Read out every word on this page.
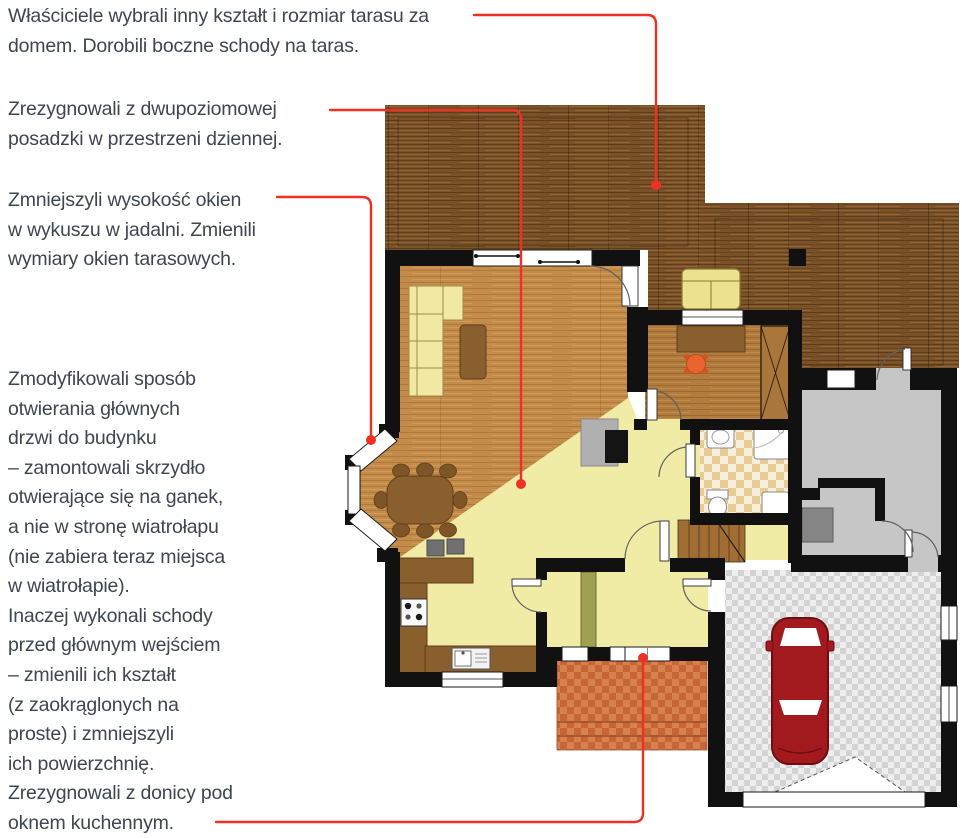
Właściciele wybrali inny kształt i rozmiar tarasu za
domem. Dorobili boczne schody na taras.
Zrezygnowali z dwupoziomowej
posadzki w przestrzeni dziennej.
Zmniejszyli wysokość okien
w wykuszu w jadalni. Zmienili
wymiary okien tarasowych.
Zmodyfikowali sposób
otwierania głównych
drzwi do budynku
– zamontowali skrzydło
otwierające się na ganek,
a nie w stronę wiatrołapu
(nie zabiera teraz miejsca
w wiatrołapie).
Inaczej wykonali schody
przed głównym wejściem
– zmienili ich kształt
(z zaokrąglonych na
proste) i zmniejszyli
ich powierzchnię.
Zrezygnowali z donicy pod
oknem kuchennym.
